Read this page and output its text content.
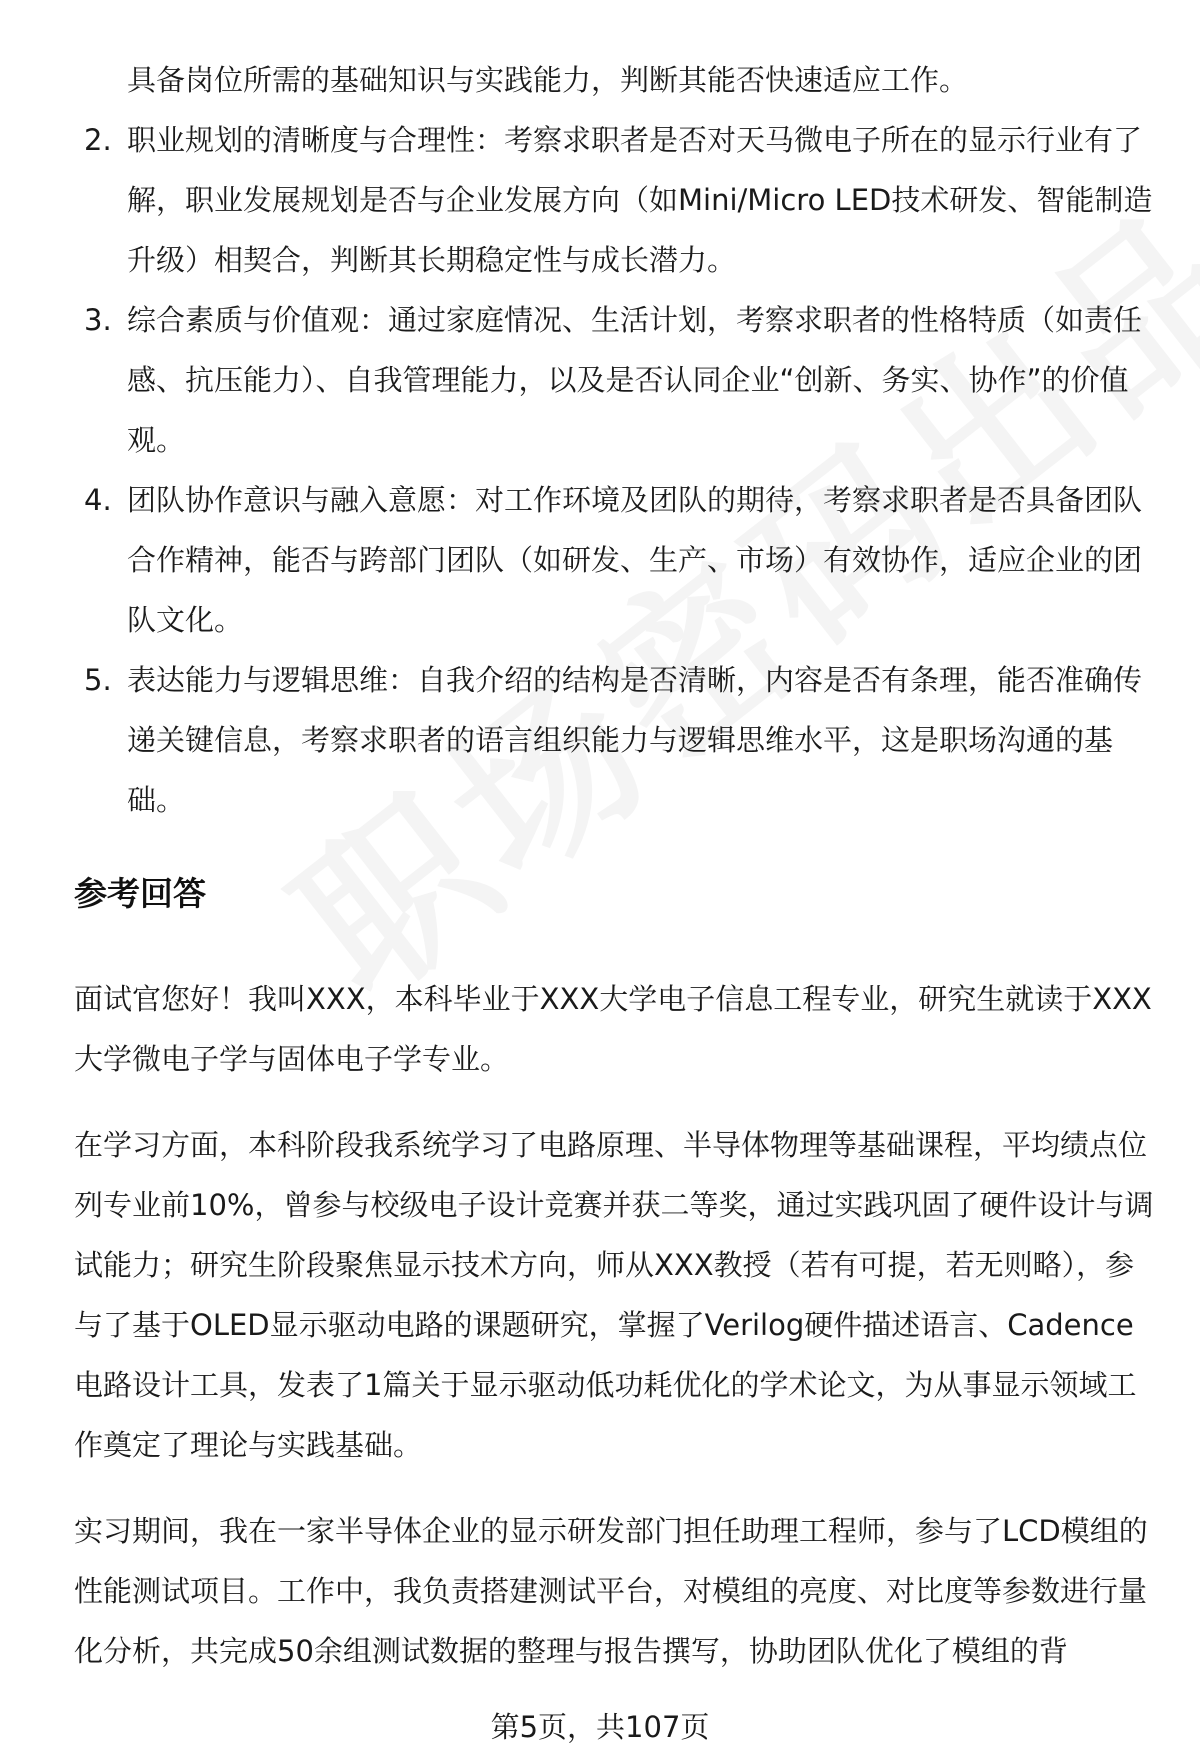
具备岗位所需的基础知识与实践能力，判断其能否快速适应工作。

2. 职业规划的清晰度与合理性：考察求职者是否对天马微电子所在的显示行业有了解，职业发展规划是否与企业发展方向（如Mini/Micro LED技术研发、智能制造升级）相契合，判断其长期稳定性与成长潜力。
3. 综合素质与价值观：通过家庭情况、生活计划，考察求职者的性格特质（如责任感、抗压能力）、自我管理能力，以及是否认同企业“创新、务实、协作”的价值观。
4. 团队协作意识与融入意愿：对工作环境及团队的期待，考察求职者是否具备团队合作精神，能否与跨部门团队（如研发、生产、市场）有效协作，适应企业的团队文化。
5. 表达能力与逻辑思维：自我介绍的结构是否清晰，内容是否有条理，能否准确传递关键信息，考察求职者的语言组织能力与逻辑思维水平，这是职场沟通的基础。
参考回答

面试官您好！我叫XXX，本科毕业于XXX大学电子信息工程专业，研究生就读于XXX大学微电子学与固体电子学专业。

在学习方面，本科阶段我系统学习了电路原理、半导体物理等基础课程，平均绩点位列专业前10%，曾参与校级电子设计竞赛并获二等奖，通过实践巩固了硬件设计与调试能力；研究生阶段聚焦显示技术方向，师从XXX教授（若有可提，若无则略），参与了基于OLED显示驱动电路的课题研究，掌握了Verilog硬件描述语言、Cadence电路设计工具，发表了1篇关于显示驱动低功耗优化的学术论文，为从事显示领域工作奠定了理论与实践基础。

实习期间，我在一家半导体企业的显示研发部门担任助理工程师，参与了LCD模组的性能测试项目。工作中，我负责搭建测试平台，对模组的亮度、对比度等参数进行量化分析，共完成50余组测试数据的整理与报告撰写，协助团队优化了模组的背

第5页，共107页
